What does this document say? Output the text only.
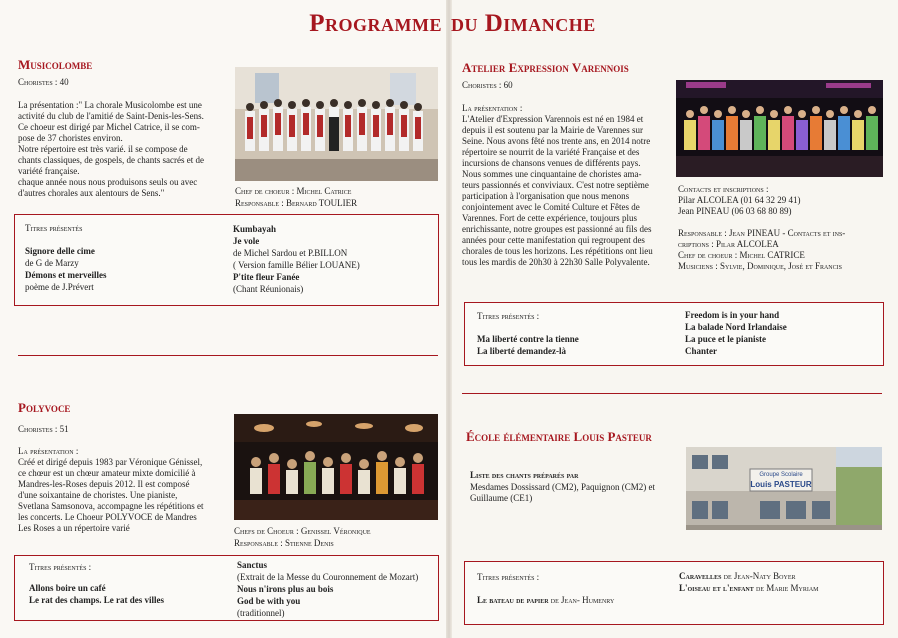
Programme du Dimanche
Musicolombe
Choristes : 40
La présentation :" La chorale Musicolombe est une
activité du club de l'amitié de Saint-Denis-les-Sens.
Ce choeur est dirigé par Michel Catrice, il se com-
pose de 37 choristes environ.
Notre répertoire est très varié. il se compose de
chants classiques, de gospels, de chants sacrés et de
variété française.
chaque année nous nous produisons seuls ou avec
d'autres chorales aux alentours de Sens."	Chef de choeur : Michel Catrice
Responsable : Bernard TOULIER
Titres présentés
Signore delle cime
de G de Marzy
Démons et merveilles
poème de J.Prévert
Kumbayah
Je vole
de Michel Sardou et P.BILLON
( Version famille Bélier LOUANE)
P'tite fleur Fanée
(Chant Réunionais)
Polyvoce
Choristes : 51
La présentation :
Créé et dirigé depuis 1983 par Véronique Génissel,
ce chœur est un chœur amateur mixte domicilié à
Mandres-les-Roses depuis 2012. Il est composé
d'une soixantaine de choristes. Une pianiste,
Svetlana Samsonova, accompagne les répétitions et
les concerts. Le Choeur POLYVOCE de Mandres
Les Roses a un répertoire varié	Chefs de Choeur : Genissel Véronique
Responsable : Stienne Denis
Titres présentés :
Allons boire un café
Le rat des champs. Le rat des villes
Sanctus
(Extrait de la Messe du Couronnement de Mozart)
Nous n'irons plus au bois
God be with you
(traditionnel)
Atelier Expression Varennois
Choristes : 60
La présentation :
L'Atelier d'Expression Varennois est né en 1984 et
depuis il est soutenu par la Mairie de Varennes sur
Seine. Nous avons fêté nos trente ans, en 2014 notre
répertoire se nourrit de la variété Française et des
incursions de chansons venues de différents pays.
Nous sommes une cinquantaine de choristes ama-
teurs passionnés et conviviaux. C'est notre septième
participation à l'organisation que nous menons
conjointement avec le Comité Culture et Fêtes de
Varennes. Fort de cette expérience, toujours plus
enrichissante, notre groupes est passionné au fils des
années pour cette manifestation qui regroupent des
chorales de tous les horizons. Les répétitions ont lieu
tous les mardis de 20h30 à 22h30 Salle Polyvalente.
Contacts et inscriptions :
Pilar ALCOLEA (01 64 32 29 41)
Jean PINEAU (06 03 68 80 89)
Responsable : Jean PINEAU - Contacts et ins-
criptions : Pilar ALCOLEA
Chef de choeur : Michel CATRICE
Musiciens : Sylvie, Dominique, José et Francis
Titres présentés :
Ma liberté contre la tienne
La liberté demandez-là
Freedom is in your hand
La balade Nord Irlandaise
La puce et le pianiste
Chanter
École élémentaire Louis Pasteur
Liste des chants préparés par
Mesdames Dossissard (CM2), Paquignon (CM2) et
Guillaume (CE1)
Groupe Scolaire
Louis PASTEUR
Titres présentés :
Le bateau de papier de Jean- Humenry
Caravelles de Jean-Naty Boyer
L'oiseau et l'enfant de Marie Myriam
